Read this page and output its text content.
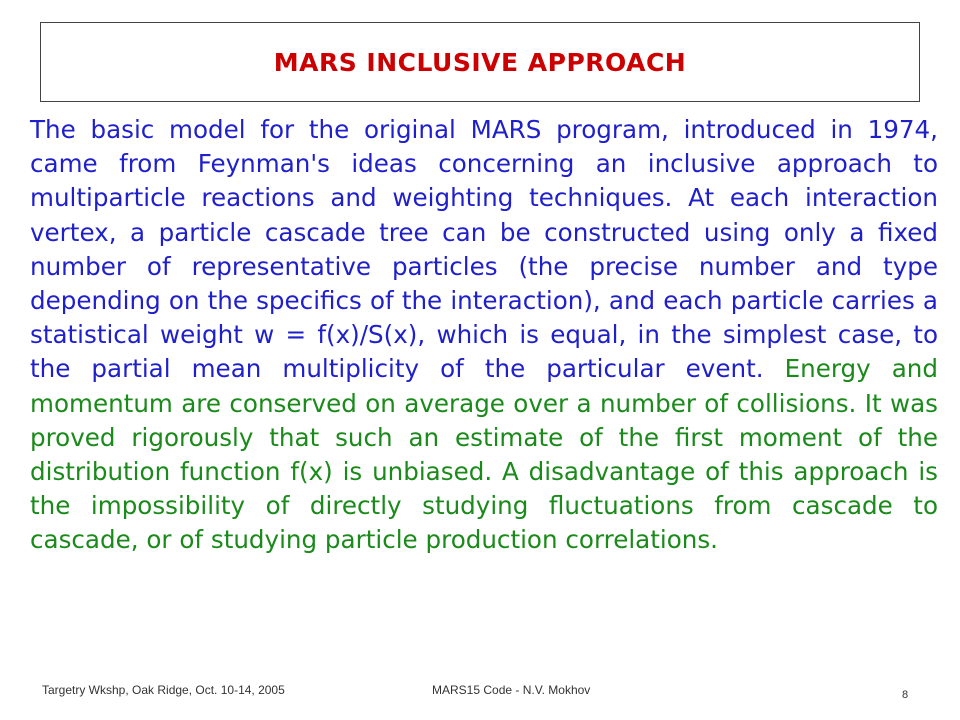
MARS INCLUSIVE APPROACH

The basic model for the original MARS program, introduced in 1974, came from Feynman's ideas concerning an inclusive approach to multiparticle reactions and weighting techniques. At each interaction vertex, a particle cascade tree can be constructed using only a fixed number of representative particles (the precise number and type depending on the specifics of the interaction), and each particle carries a statistical weight w = f(x)/S(x), which is equal, in the simplest case, to the partial mean multiplicity of the particular event. Energy and momentum are conserved on average over a number of collisions. It was proved rigorously that such an estimate of the first moment of the distribution function f(x) is unbiased. A disadvantage of this approach is the impossibility of directly studying fluctuations from cascade to cascade, or of studying particle production correlations.

Targetry Wkshp, Oak Ridge, Oct. 10-14, 2005	MARS15 Code - N.V. Mokhov	8
